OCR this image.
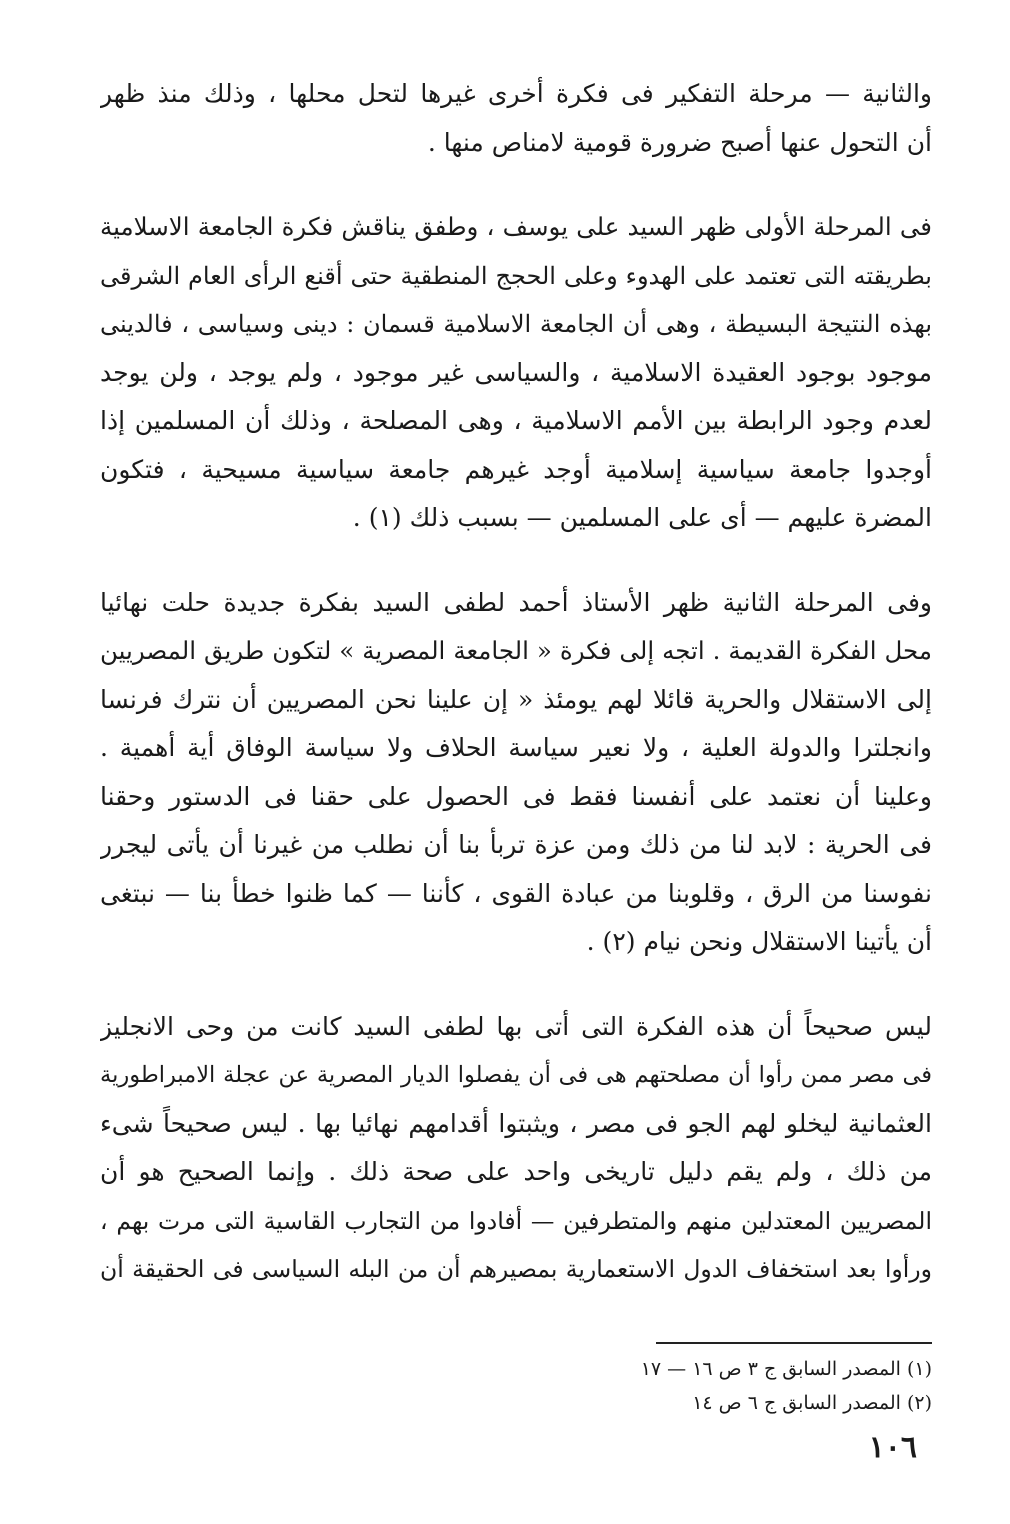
والثانية — مرحلة التفكير فى فكرة أخرى غيرها لتحل محلها ، وذلك منذ ظهر
أن التحول عنها أصبح ضرورة قومية لامناص منها .
فى المرحلة الأولى ظهر السيد على يوسف ، وطفق يناقش فكرة الجامعة الاسلامية
بطريقته التى تعتمد على الهدوء وعلى الحجج المنطقية حتى أقنع الرأى العام الشرقى
بهذه النتيجة البسيطة ، وهى أن الجامعة الاسلامية قسمان : دينى وسياسى ، فالدينى
موجود بوجود العقيدة الاسلامية ، والسياسى غير موجود ، ولم يوجد ، ولن يوجد
لعدم وجود الرابطة بين الأمم الاسلامية ، وهى المصلحة ، وذلك أن المسلمين إذا
أوجدوا جامعة سياسية إسلامية أوجد غيرهم جامعة سياسية مسيحية ، فتكون
المضرة عليهم — أى على المسلمين — بسبب ذلك (١) .
وفى المرحلة الثانية ظهر الأستاذ أحمد لطفى السيد بفكرة جديدة حلت نهائيا
محل الفكرة القديمة . اتجه إلى فكرة « الجامعة المصرية » لتكون طريق المصريين
إلى الاستقلال والحرية قائلا لهم يومئذ « إن علينا نحن المصريين أن نترك فرنسا
وانجلترا والدولة العلية ، ولا نعير سياسة الحلاف ولا سياسة الوفاق أية أهمية .
وعلينا أن نعتمد على أنفسنا فقط فى الحصول على حقنا فى الدستور وحقنا
فى الحرية : لابد لنا من ذلك ومن عزة تربأ بنا أن نطلب من غيرنا أن يأتى ليجرر
نفوسنا من الرق ، وقلوبنا من عبادة القوى ، كأننا — كما ظنوا خطأ بنا — نبتغى
أن يأتينا الاستقلال ونحن نيام (٢) .
ليس صحيحاً أن هذه الفكرة التى أتى بها لطفى السيد كانت من وحى الانجليز
فى مصر ممن رأوا أن مصلحتهم هى فى أن يفصلوا الديار المصرية عن عجلة الامبراطورية
العثمانية ليخلو لهم الجو فى مصر ، ويثبتوا أقدامهم نهائيا بها . ليس صحيحاً شىء
من ذلك ، ولم يقم دليل تاريخى واحد على صحة ذلك . وإنما الصحيح هو أن
المصريين المعتدلين منهم والمتطرفين — أفادوا من التجارب القاسية التى مرت بهم ،
ورأوا بعد استخفاف الدول الاستعمارية بمصيرهم أن من البله السياسى فى الحقيقة أن
(١) المصدر السابق ج ٣ ص ١٦ — ١٧
(٢) المصدر السابق ج ٦ ص ١٤
١٠٦
